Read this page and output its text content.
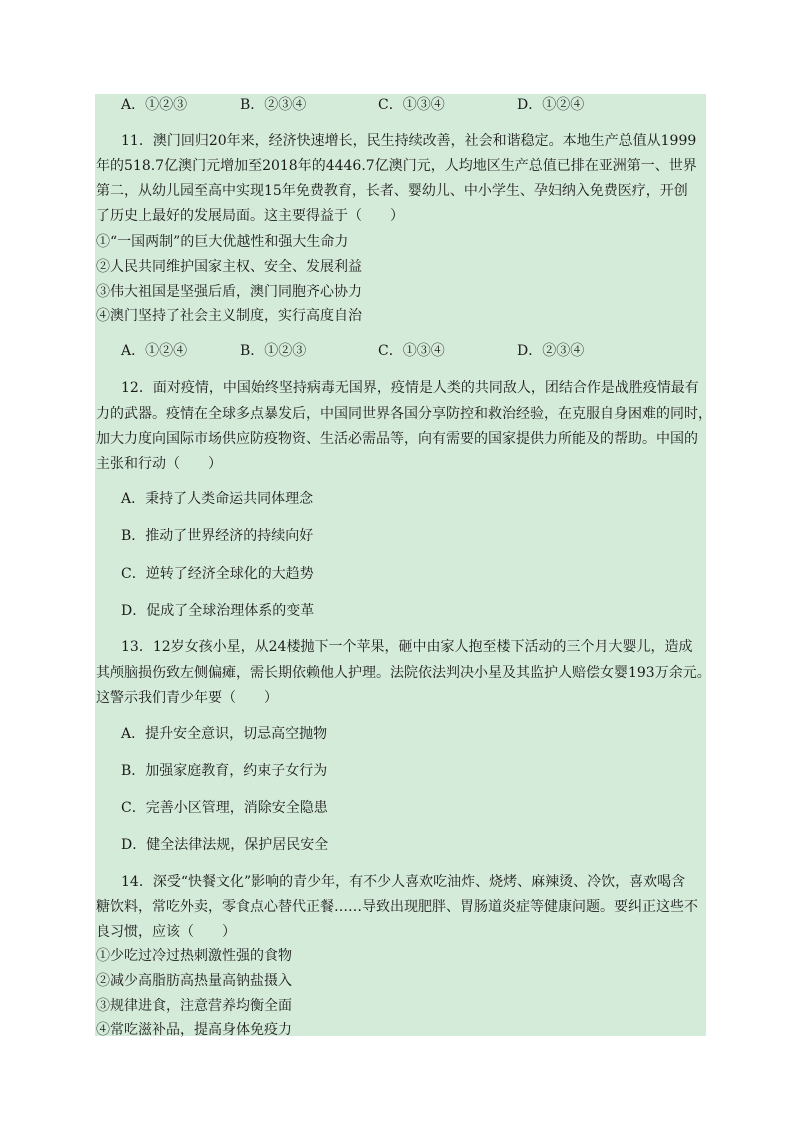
A．①②③	B．②③④	C．①③④	D．①②④
11．澳门回归20年来，经济快速增长，民生持续改善，社会和谐稳定。本地生产总值从1999
年的518.7亿澳门元增加至2018年的4446.7亿澳门元，人均地区生产总值已排在亚洲第一、世界
第二，从幼儿园至高中实现15年免费教育，长者、婴幼儿、中小学生、孕妇纳入免费医疗，开创
了历史上最好的发展局面。这主要得益于（　　）
①“一国两制”的巨大优越性和强大生命力
②人民共同维护国家主权、安全、发展利益
③伟大祖国是坚强后盾，澳门同胞齐心协力
④澳门坚持了社会主义制度，实行高度自治
A．①②④	B．①②③	C．①③④	D．②③④
12．面对疫情，中国始终坚持病毒无国界，疫情是人类的共同敌人，团结合作是战胜疫情最有
力的武器。疫情在全球多点暴发后，中国同世界各国分享防控和救治经验，在克服自身困难的同时，
加大力度向国际市场供应防疫物资、生活必需品等，向有需要的国家提供力所能及的帮助。中国的
主张和行动（　　）
A．秉持了人类命运共同体理念
B．推动了世界经济的持续向好
C．逆转了经济全球化的大趋势
D．促成了全球治理体系的变革
13．12岁女孩小星，从24楼抛下一个苹果，砸中由家人抱至楼下活动的三个月大婴儿，造成
其颅脑损伤致左侧偏瘫，需长期依赖他人护理。法院依法判决小星及其监护人赔偿女婴193万余元。
这警示我们青少年要（　　）
A．提升安全意识，切忌高空抛物
B．加强家庭教育，约束子女行为
C．完善小区管理，消除安全隐患
D．健全法律法规，保护居民安全
14．深受“快餐文化”影响的青少年，有不少人喜欢吃油炸、烧烤、麻辣烫、冷饮，喜欢喝含
糖饮料，常吃外卖，零食点心替代正餐……导致出现肥胖、胃肠道炎症等健康问题。要纠正这些不
良习惯，应该（　　）
①少吃过冷过热刺激性强的食物
②减少高脂肪高热量高钠盐摄入
③规律进食，注意营养均衡全面
④常吃滋补品，提高身体免疫力
